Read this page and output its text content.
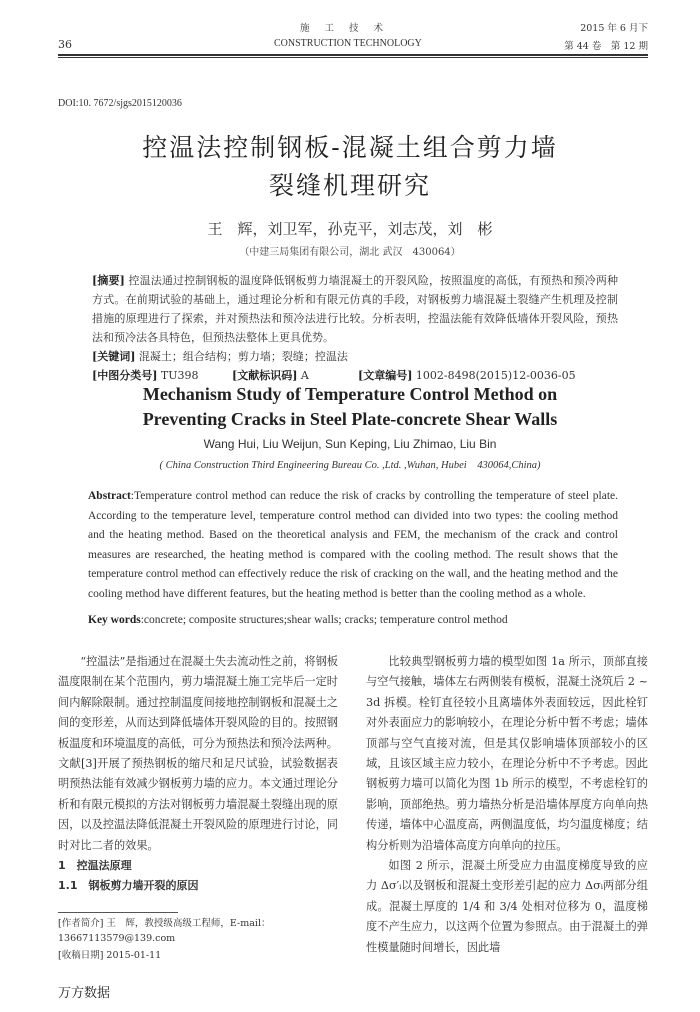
施 工 技 术
36	CONSTRUCTION TECHNOLOGY
2015 年 6 月下
第 44 卷　第 12 期
DOI:10. 7672/sjgs2015120036
控温法控制钢板-混凝土组合剪力墙
裂缝机理研究
王　辉，刘卫军，孙克平，刘志茂，刘　彬
（中建三局集团有限公司，湖北 武汉　430064）
[摘要] 控温法通过控制钢板的温度降低钢板剪力墙混凝土的开裂风险，按照温度的高低，有预热和预冷两种方式。在前期试验的基础上，通过理论分析和有限元仿真的手段，对钢板剪力墙混凝土裂缝产生机理及控制措施的原理进行了探索，并对预热法和预冷法进行比较。分析表明，控温法能有效降低墙体开裂风险，预热法和预冷法各具特色，但预热法整体上更具优势。
[关键词] 混凝土；组合结构；剪力墙；裂缝；控温法
[中图分类号] TU398	[文献标识码] A	[文章编号] 1002-8498(2015)12-0036-05
Mechanism Study of Temperature Control Method on
Preventing Cracks in Steel Plate-concrete Shear Walls
Wang Hui, Liu Weijun, Sun Keping, Liu Zhimao, Liu Bin
( China Construction Third Engineering Bureau Co. ,Ltd. ,Wuhan, Hubei　430064,China)
Abstract:Temperature control method can reduce the risk of cracks by controlling the temperature of steel plate. According to the temperature level, temperature control method can divided into two types: the cooling method and the heating method. Based on the theoretical analysis and FEM, the mechanism of the crack and control measures are researched, the heating method is compared with the cooling method. The result shows that the temperature control method can effectively reduce the risk of cracking on the wall, and the heating method and the cooling method have different features, but the heating method is better than the cooling method as a whole.
Key words:concrete; composite structures;shear walls; cracks; temperature control method

“控温法”是指通过在混凝土失去流动性之前，将钢板温度限制在某个范围内，剪力墙混凝土施工完毕后一定时间内解除限制。通过控制温度间接地控制钢板和混凝土之间的变形差，从而达到降低墙体开裂风险的目的。按照钢板温度和环境温度的高低，可分为预热法和预冷法两种。文献[3]开展了预热钢板的缩尺和足尺试验，试验数据表明预热法能有效减少钢板剪力墙的应力。本文通过理论分析和有限元模拟的方法对钢板剪力墙混凝土裂缝出现的原因，以及控温法降低混凝土开裂风险的原理进行讨论，同时对比二者的效果。

1　控温法原理
1.1　钢板剪力墙开裂的原因
[作者简介] 王　辉，教授级高级工程师，E-mail：13667113579@139.com
[收稿日期] 2015-01-11

比较典型钢板剪力墙的模型如图 1a 所示，顶部直接与空气接触，墙体左右两侧装有模板，混凝土浇筑后 2 ~ 3d 拆模。栓钉直径较小且离墙体外表面较远，因此栓钉对外表面应力的影响较小，在理论分析中暂不考虑；墙体顶部与空气直接对流，但是其仅影响墙体顶部较小的区域，且该区域主应力较小，在理论分析中不予考虑。因此钢板剪力墙可以简化为图 1b 所示的模型，不考虑栓钉的影响，顶部绝热。剪力墙热分析是沿墙体厚度方向单向热传递，墙体中心温度高，两侧温度低，均匀温度梯度；结构分析则为沿墙体高度方向单向的拉压。

如图 2 所示，混凝土所受应力由温度梯度导致的应力 Δσ′ᵢ以及钢板和混凝土变形差引起的应力 Δσᵢ两部分组成。混凝土厚度的 1/4 和 3/4 处相对位移为 0，温度梯度不产生应力，以这两个位置为参照点。由于混凝土的弹性模量随时间增长，因此墙

万方数据
